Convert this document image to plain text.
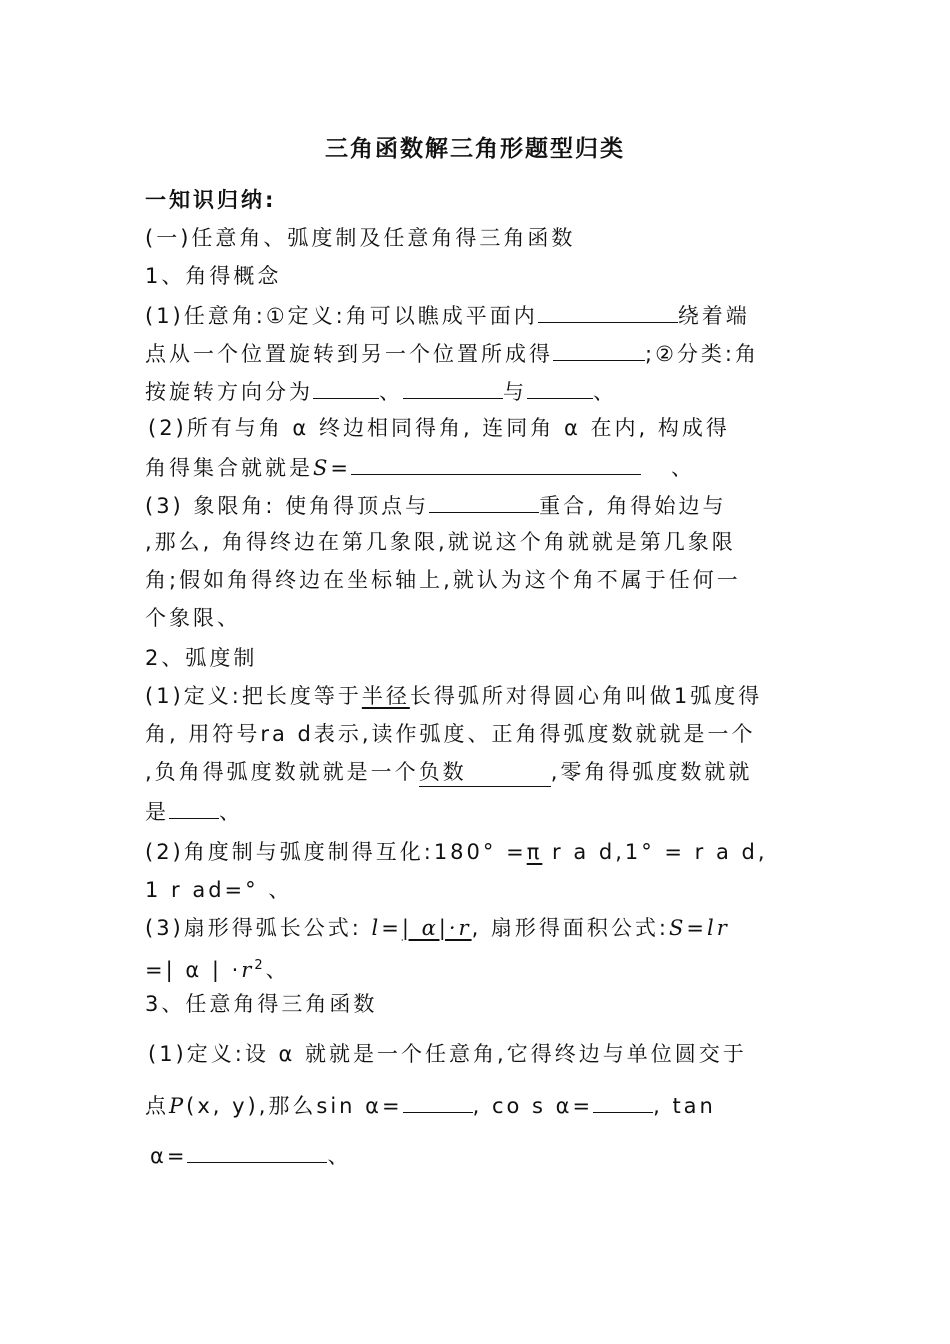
三角函数解三角形题型归类
一知识归纳:
(一)任意角、弧度制及任意角得三角函数
1、角得概念
(1)任意角:①定义:角可以瞧成平面内	绕着端
点从一个位置旋转到另一个位置所成得	;②分类:角
按旋转方向分为	、	与	、
(2)所有与角 α 终边相同得角, 连同角 α 在内, 构成得
角得集合就就是S=	、
(3) 象限角: 使角得顶点与	重合, 角得始边与
,那么, 角得终边在第几象限,就说这个角就就是第几象限
角;假如角得终边在坐标轴上,就认为这个角不属于任何一
个象限、
2、弧度制
(1)定义:把长度等于半径长得弧所对得圆心角叫做1弧度得
角, 用符号ra d表示,读作弧度、正角得弧度数就就是一个
,负角得弧度数就就是一个负数	,零角得弧度数就就
是 、
(2)角度制与弧度制得互化:180° =π r a d,1° = r a d,
1 r ad=° 、
(3)扇形得弧长公式: l=| α|·r, 扇形得面积公式:S=lr
=| α | $\cdot r^2$、
3、任意角得三角函数
(1)定义:设 α 就就是一个任意角,它得终边与单位圆交于
点P(x, y),那么sin α=	, co s α=	, tan
α=	、
